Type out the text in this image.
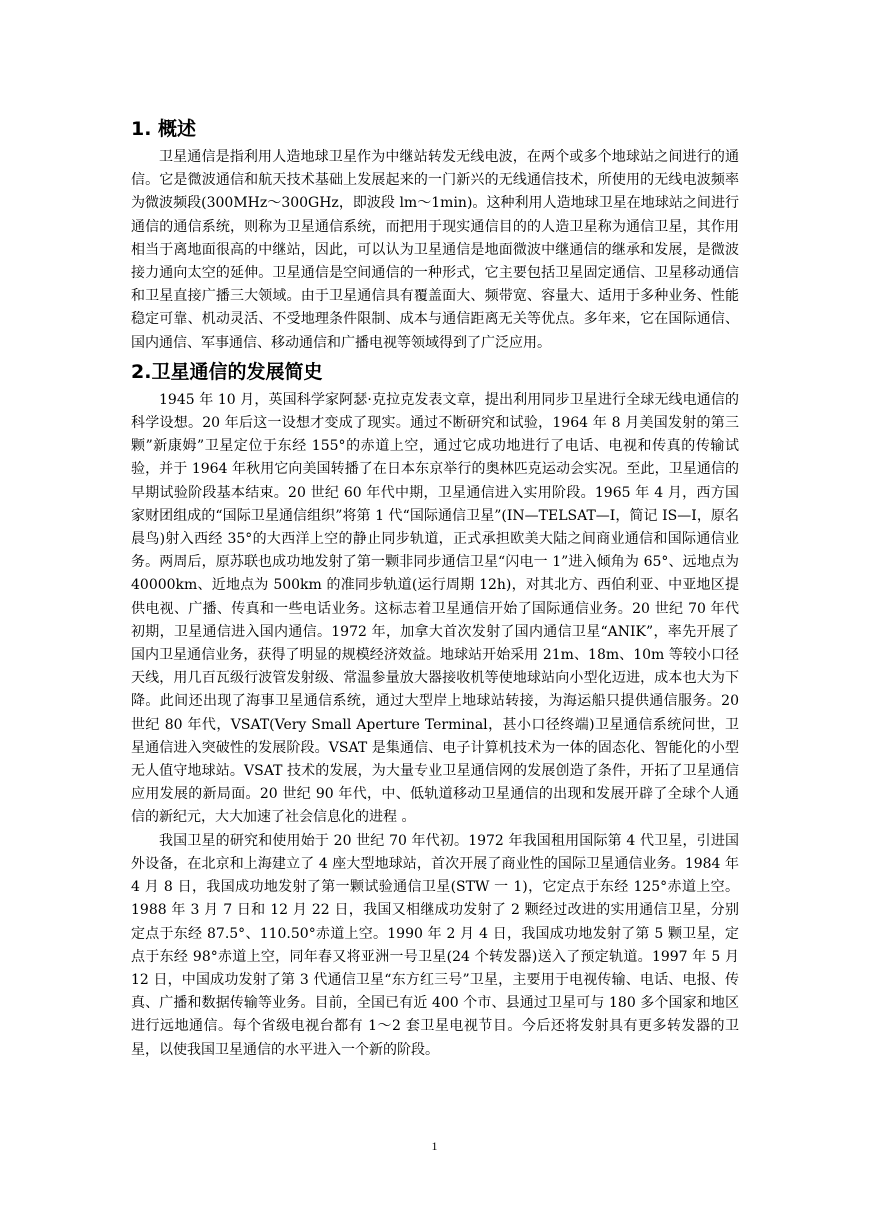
1. 概述

卫星通信是指利用人造地球卫星作为中继站转发无线电波，在两个或多个地球站之间进行的通信。它是微波通信和航天技术基础上发展起来的一门新兴的无线通信技术，所使用的无线电波频率为微波频段(300MHz～300GHz，即波段 lm～1min)。这种利用人造地球卫星在地球站之间进行通信的通信系统，则称为卫星通信系统，而把用于现实通信目的的人造卫星称为通信卫星，其作用相当于离地面很高的中继站，因此，可以认为卫星通信是地面微波中继通信的继承和发展，是微波接力通向太空的延伸。卫星通信是空间通信的一种形式，它主要包括卫星固定通信、卫星移动通信和卫星直接广播三大领域。由于卫星通信具有覆盖面大、频带宽、容量大、适用于多种业务、性能稳定可靠、机动灵活、不受地理条件限制、成本与通信距离无关等优点。多年来，它在国际通信、国内通信、军事通信、移动通信和广播电视等领域得到了广泛应用。

2.卫星通信的发展简史

1945 年 10 月，英国科学家阿瑟·克拉克发表文章，提出利用同步卫星进行全球无线电通信的科学设想。20 年后这一设想才变成了现实。通过不断研究和试验，1964 年 8 月美国发射的第三颗”新康姆”卫星定位于东经 155°的赤道上空，通过它成功地进行了电话、电视和传真的传输试验，并于 1964 年秋用它向美国转播了在日本东京举行的奥林匹克运动会实况。至此，卫星通信的早期试验阶段基本结束。20 世纪 60 年代中期，卫星通信进入实用阶段。1965 年 4 月，西方国家财团组成的“国际卫星通信组织”将第 1 代“国际通信卫星”(IN—TELSAT—I，简记 IS—I，原名晨鸟)射入西经 35°的大西洋上空的静止同步轨道，正式承担欧美大陆之间商业通信和国际通信业务。两周后，原苏联也成功地发射了第一颗非同步通信卫星“闪电一 1”进入倾角为 65°、远地点为 40000km、近地点为 500km 的准同步轨道(运行周期 12h)，对其北方、西伯利亚、中亚地区提供电视、广播、传真和一些电话业务。这标志着卫星通信开始了国际通信业务。20 世纪 70 年代初期，卫星通信进入国内通信。1972 年，加拿大首次发射了国内通信卫星“ANIK”，率先开展了国内卫星通信业务，获得了明显的规模经济效益。地球站开始采用 21m、18m、10m 等较小口径天线，用几百瓦级行波管发射级、常温参量放大器接收机等使地球站向小型化迈进，成本也大为下降。此间还出现了海事卫星通信系统，通过大型岸上地球站转接，为海运船只提供通信服务。20 世纪 80 年代，VSAT(Very Small Aperture Terminal，甚小口径终端)卫星通信系统问世，卫星通信进入突破性的发展阶段。VSAT 是集通信、电子计算机技术为一体的固态化、智能化的小型无人值守地球站。VSAT 技术的发展，为大量专业卫星通信网的发展创造了条件，开拓了卫星通信应用发展的新局面。20 世纪 90 年代，中、低轨道移动卫星通信的出现和发展开辟了全球个人通信的新纪元，大大加速了社会信息化的进程 。

我国卫星的研究和使用始于 20 世纪 70 年代初。1972 年我国租用国际第 4 代卫星，引进国外设备，在北京和上海建立了 4 座大型地球站，首次开展了商业性的国际卫星通信业务。1984 年 4 月 8 日，我国成功地发射了第一颗试验通信卫星(STW 一 1)，它定点于东经 125°赤道上空。1988 年 3 月 7 日和 12 月 22 日，我国又相继成功发射了 2 颗经过改进的实用通信卫星，分别定点于东经 87.5°、110.50°赤道上空。1990 年 2 月 4 日，我国成功地发射了第 5 颗卫星，定点于东经 98°赤道上空，同年春又将亚洲一号卫星(24 个转发器)送入了预定轨道。1997 年 5 月 12 日，中国成功发射了第 3 代通信卫星“东方红三号”卫星，主要用于电视传输、电话、电报、传真、广播和数据传输等业务。目前，全国已有近 400 个市、县通过卫星可与 180 多个国家和地区进行远地通信。每个省级电视台都有 1～2 套卫星电视节目。今后还将发射具有更多转发器的卫星，以使我国卫星通信的水平进入一个新的阶段。

1
